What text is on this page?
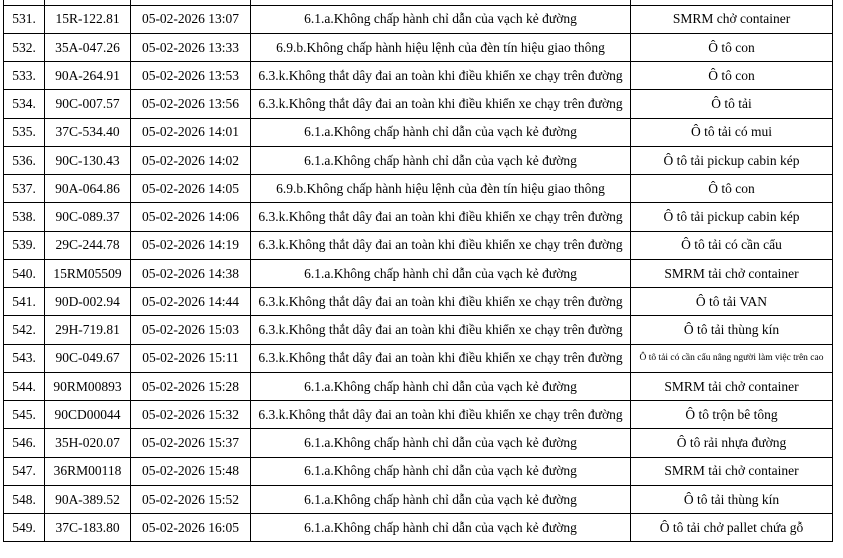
531.	15R-122.81	05-02-2026 13:07	6.1.a.Không chấp hành chỉ dẫn của vạch kẻ đường	SMRM chở container
532.	35A-047.26	05-02-2026 13:33	6.9.b.Không chấp hành hiệu lệnh của đèn tín hiệu giao thông	Ô tô con
533.	90A-264.91	05-02-2026 13:53	6.3.k.Không thắt dây đai an toàn khi điều khiển xe chạy trên đường	Ô tô con
534.	90C-007.57	05-02-2026 13:56	6.3.k.Không thắt dây đai an toàn khi điều khiển xe chạy trên đường	Ô tô tải
535.	37C-534.40	05-02-2026 14:01	6.1.a.Không chấp hành chỉ dẫn của vạch kẻ đường	Ô tô tải có mui
536.	90C-130.43	05-02-2026 14:02	6.1.a.Không chấp hành chỉ dẫn của vạch kẻ đường	Ô tô tải pickup cabin kép
537.	90A-064.86	05-02-2026 14:05	6.9.b.Không chấp hành hiệu lệnh của đèn tín hiệu giao thông	Ô tô con
538.	90C-089.37	05-02-2026 14:06	6.3.k.Không thắt dây đai an toàn khi điều khiển xe chạy trên đường	Ô tô tải pickup cabin kép
539.	29C-244.78	05-02-2026 14:19	6.3.k.Không thắt dây đai an toàn khi điều khiển xe chạy trên đường	Ô tô tải có cần cẩu
540.	15RM05509	05-02-2026 14:38	6.1.a.Không chấp hành chỉ dẫn của vạch kẻ đường	SMRM tải chở container
541.	90D-002.94	05-02-2026 14:44	6.3.k.Không thắt dây đai an toàn khi điều khiển xe chạy trên đường	Ô tô tải VAN
542.	29H-719.81	05-02-2026 15:03	6.3.k.Không thắt dây đai an toàn khi điều khiển xe chạy trên đường	Ô tô tải thùng kín
543.	90C-049.67	05-02-2026 15:11	6.3.k.Không thắt dây đai an toàn khi điều khiển xe chạy trên đường	Ô tô tải có cần cẩu nâng người làm việc trên cao
544.	90RM00893	05-02-2026 15:28	6.1.a.Không chấp hành chỉ dẫn của vạch kẻ đường	SMRM tải chở container
545.	90CD00044	05-02-2026 15:32	6.3.k.Không thắt dây đai an toàn khi điều khiển xe chạy trên đường	Ô tô trộn bê tông
546.	35H-020.07	05-02-2026 15:37	6.1.a.Không chấp hành chỉ dẫn của vạch kẻ đường	Ô tô rải nhựa đường
547.	36RM00118	05-02-2026 15:48	6.1.a.Không chấp hành chỉ dẫn của vạch kẻ đường	SMRM tải chở container
548.	90A-389.52	05-02-2026 15:52	6.1.a.Không chấp hành chỉ dẫn của vạch kẻ đường	Ô tô tải thùng kín
549.	37C-183.80	05-02-2026 16:05	6.1.a.Không chấp hành chỉ dẫn của vạch kẻ đường	Ô tô tải chở pallet chứa gỗ
